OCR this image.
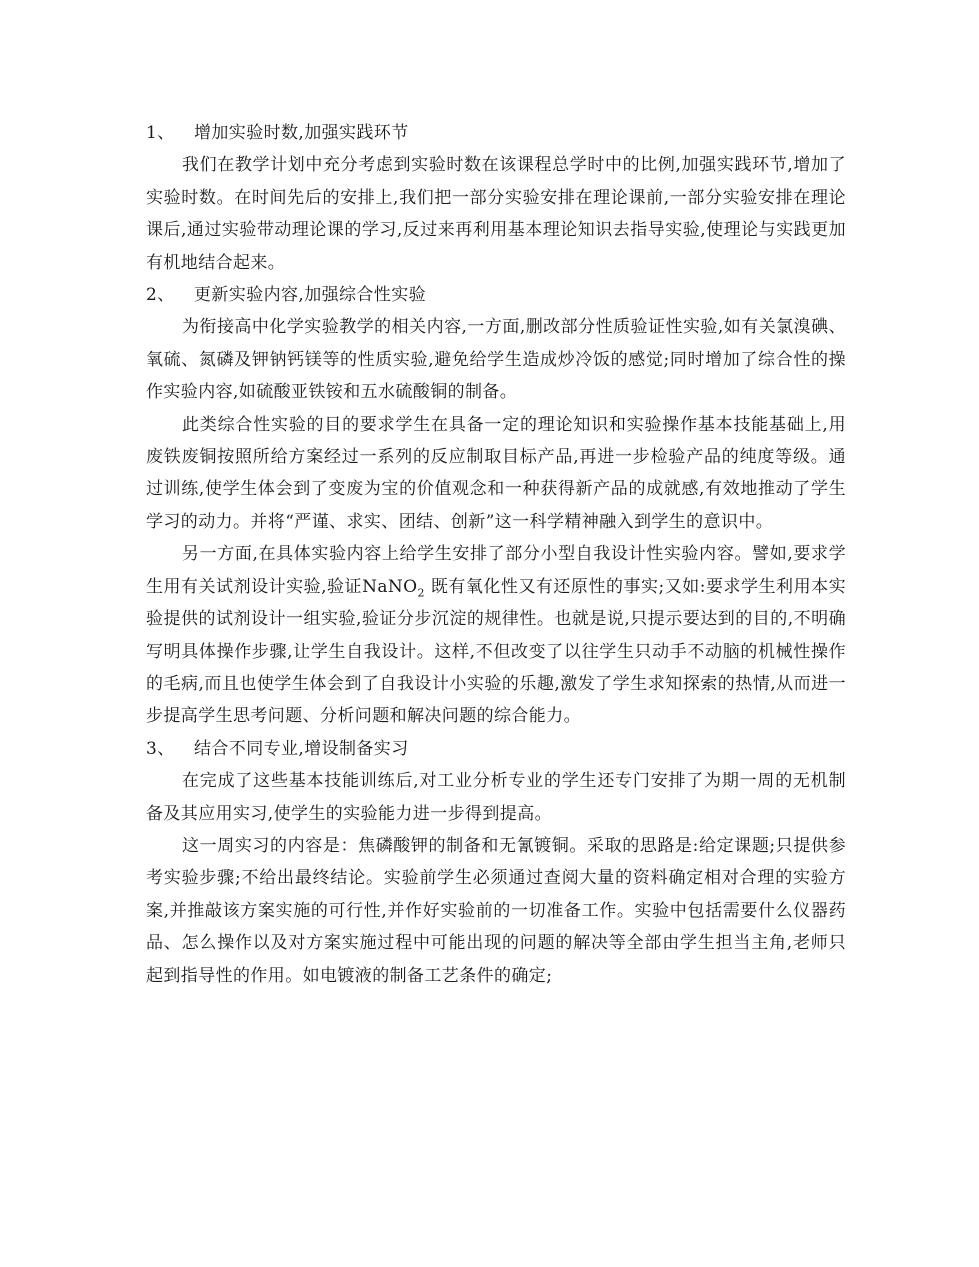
1、 增加实验时数,加强实践环节

我们在教学计划中充分考虑到实验时数在该课程总学时中的比例,加强实践环节,增加了实验时数。在时间先后的安排上,我们把一部分实验安排在理论课前,一部分实验安排在理论课后,通过实验带动理论课的学习,反过来再利用基本理论知识去指导实验,使理论与实践更加有机地结合起来。

2、 更新实验内容,加强综合性实验

为衔接高中化学实验教学的相关内容,一方面,删改部分性质验证性实验,如有关氯溴碘、氧硫、氮磷及钾钠钙镁等的性质实验,避免给学生造成炒冷饭的感觉;同时增加了综合性的操作实验内容,如硫酸亚铁铵和五水硫酸铜的制备。

此类综合性实验的目的要求学生在具备一定的理论知识和实验操作基本技能基础上,用废铁废铜按照所给方案经过一系列的反应制取目标产品,再进一步检验产品的纯度等级。通过训练,使学生体会到了变废为宝的价值观念和一种获得新产品的成就感,有效地推动了学生学习的动力。并将“严谨、求实、团结、创新”这一科学精神融入到学生的意识中。

另一方面,在具体实验内容上给学生安排了部分小型自我设计性实验内容。譬如,要求学生用有关试剂设计实验,验证NaNO$_2$ 既有氧化性又有还原性的事实;又如:要求学生利用本实验提供的试剂设计一组实验,验证分步沉淀的规律性。也就是说,只提示要达到的目的,不明确写明具体操作步骤,让学生自我设计。这样,不但改变了以往学生只动手不动脑的机械性操作的毛病,而且也使学生体会到了自我设计小实验的乐趣,激发了学生求知探索的热情,从而进一步提高学生思考问题、分析问题和解决问题的综合能力。

3、 结合不同专业,增设制备实习

在完成了这些基本技能训练后,对工业分析专业的学生还专门安排了为期一周的无机制备及其应用实习,使学生的实验能力进一步得到提高。

这一周实习的内容是：焦磷酸钾的制备和无氰镀铜。采取的思路是:给定课题;只提供参考实验步骤;不给出最终结论。实验前学生必须通过查阅大量的资料确定相对合理的实验方案,并推敲该方案实施的可行性,并作好实验前的一切准备工作。实验中包括需要什么仪器药品、怎么操作以及对方案实施过程中可能出现的问题的解决等全部由学生担当主角,老师只起到指导性的作用。如电镀液的制备工艺条件的确定;
